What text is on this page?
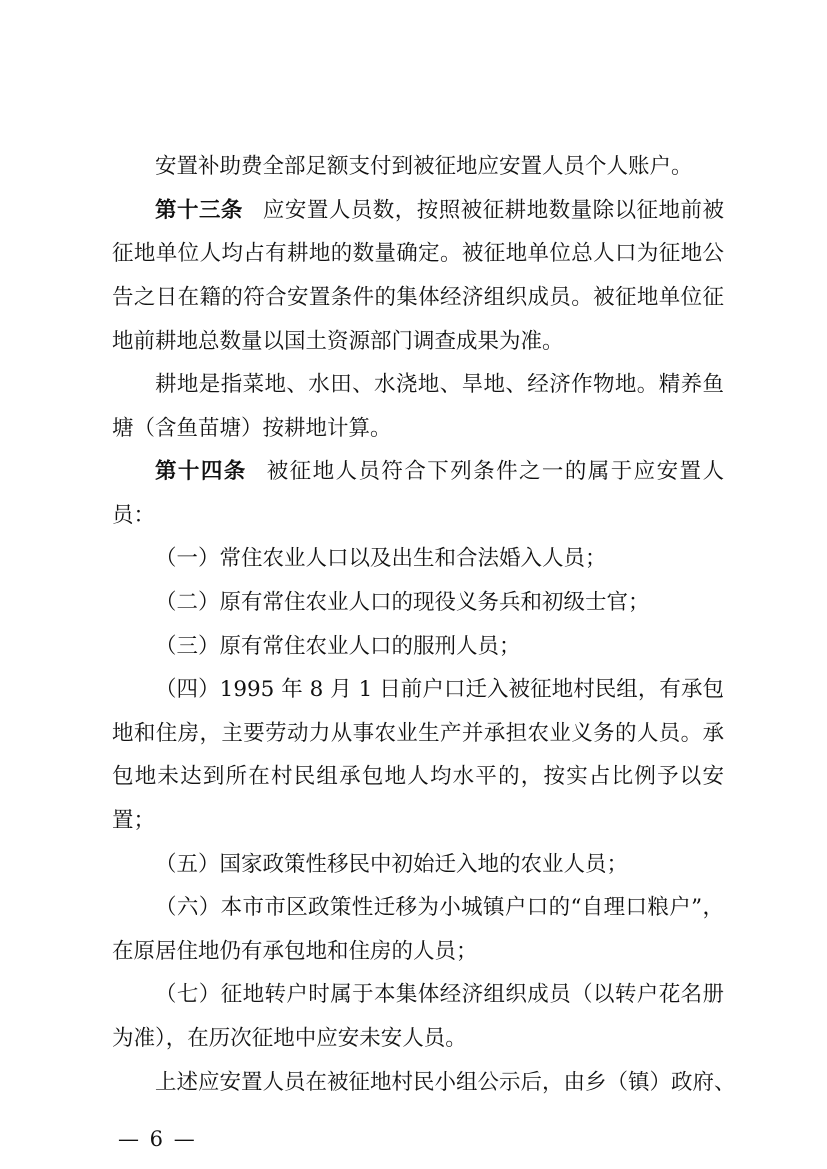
安置补助费全部足额支付到被征地应安置人员个人账户。
第十三条 应安置人员数，按照被征耕地数量除以征地前被
征地单位人均占有耕地的数量确定。被征地单位总人口为征地公
告之日在籍的符合安置条件的集体经济组织成员。被征地单位征
地前耕地总数量以国土资源部门调查成果为准。
耕地是指菜地、水田、水浇地、旱地、经济作物地。精养鱼
塘（含鱼苗塘）按耕地计算。
第十四条 被征地人员符合下列条件之一的属于应安置人
员：
（一）常住农业人口以及出生和合法婚入人员；
（二）原有常住农业人口的现役义务兵和初级士官；
（三）原有常住农业人口的服刑人员；
（四）1995 年 8 月 1 日前户口迁入被征地村民组，有承包
地和住房，主要劳动力从事农业生产并承担农业义务的人员。承
包地未达到所在村民组承包地人均水平的，按实占比例予以安
置；
（五）国家政策性移民中初始迁入地的农业人员；
（六）本市市区政策性迁移为小城镇户口的“自理口粮户”，
在原居住地仍有承包地和住房的人员；
（七）征地转户时属于本集体经济组织成员（以转户花名册
为准），在历次征地中应安未安人员。
上述应安置人员在被征地村民小组公示后，由乡（镇）政府、
— 6 —
